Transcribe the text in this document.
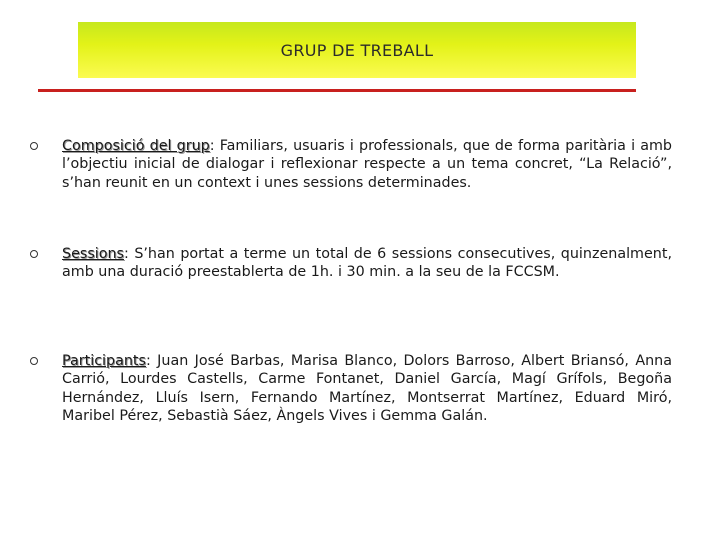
GRUP DE TREBALL
Composició del grup: Familiars, usuaris i professionals, que de forma paritària i amb l’objectiu inicial de dialogar i reflexionar respecte a un tema concret, “La Relació”, s’han reunit en un context i unes sessions determinades.
Sessions: S’han portat a terme un total de 6 sessions consecutives, quinzenalment, amb una duració preestablerta de 1h. i 30 min. a la seu de la FCCSM.
Participants: Juan José Barbas, Marisa Blanco, Dolors Barroso, Albert Briansó, Anna Carrió, Lourdes Castells, Carme Fontanet, Daniel García, Magí Grífols, Begoña Hernández, Lluís Isern, Fernando Martínez, Montserrat Martínez, Eduard Miró, Maribel Pérez, Sebastià Sáez, Àngels Vives i Gemma Galán.
